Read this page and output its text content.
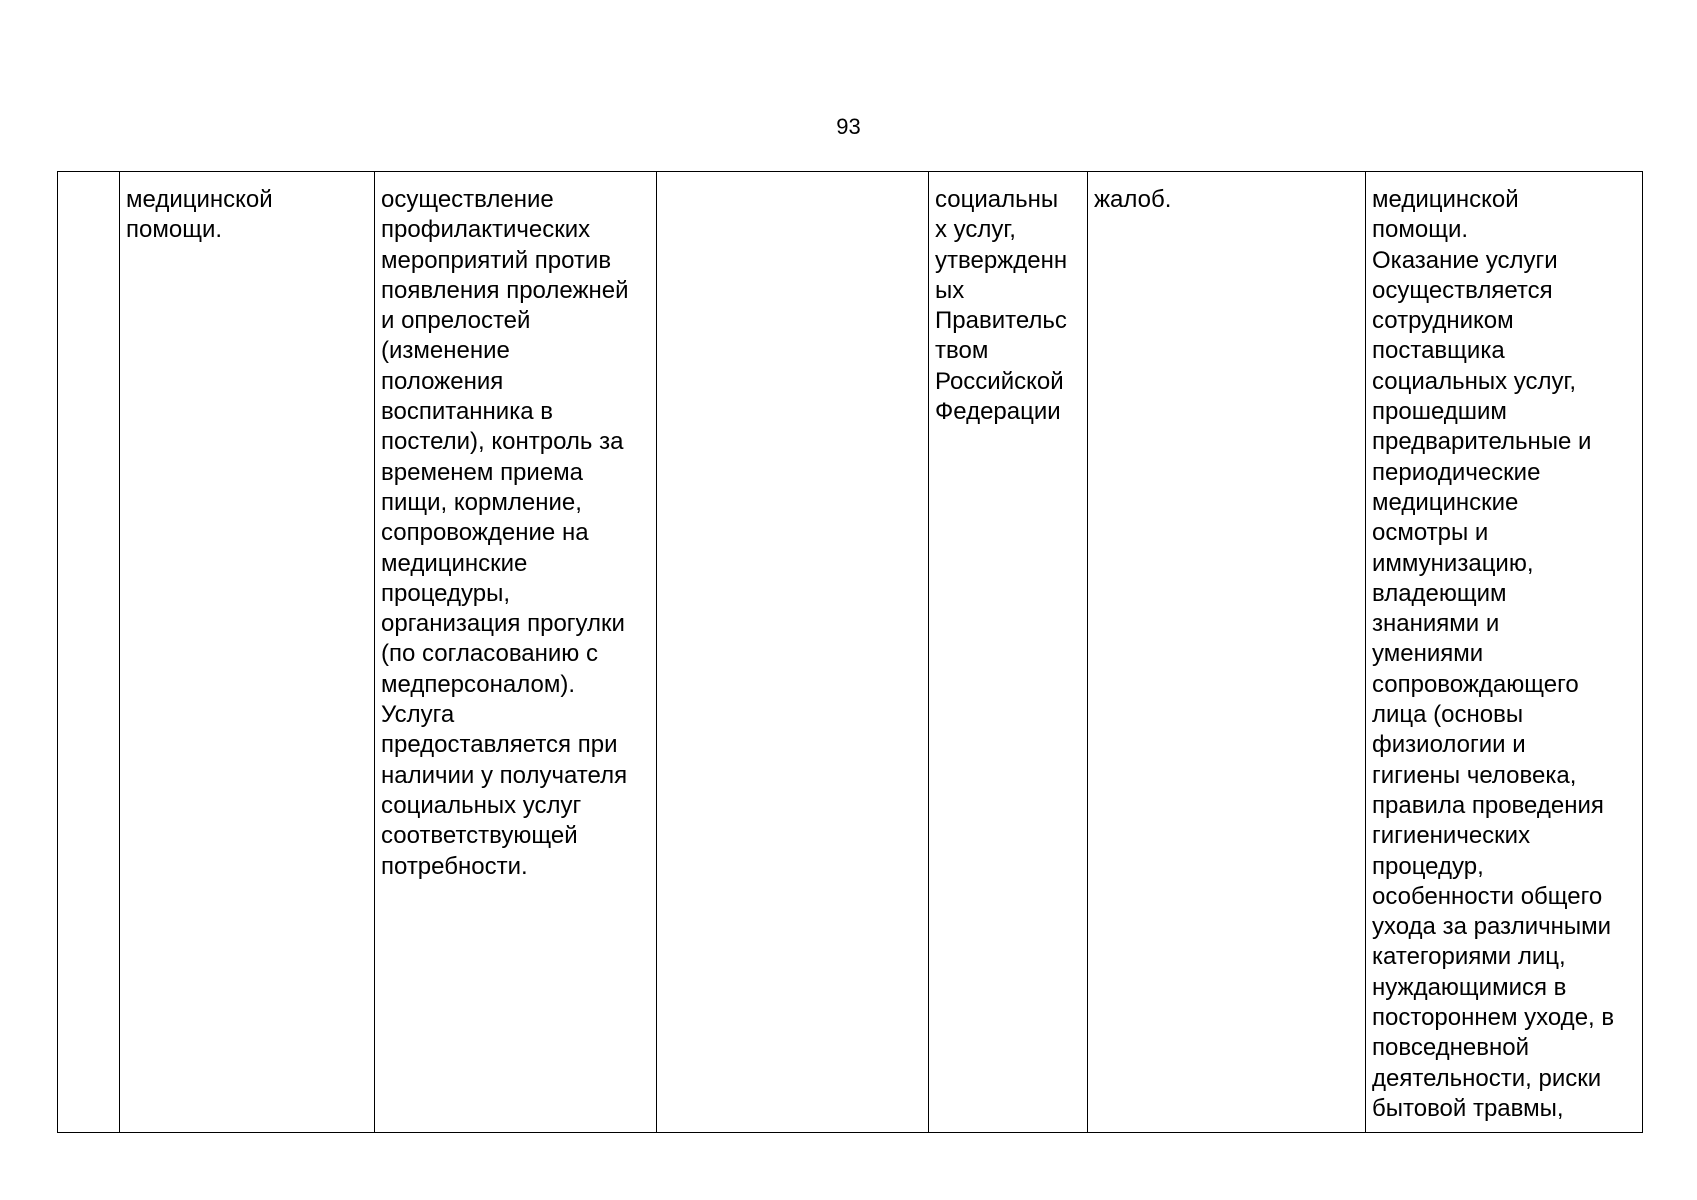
93
	медицинской
помощи.	осуществление
профилактических
мероприятий против
появления пролежней
и опрелостей
(изменение
положения
воспитанника в
постели), контроль за
временем приема
пищи, кормление,
сопровождение на
медицинские
процедуры,
организация прогулки
(по согласованию с
медперсоналом).
Услуга
предоставляется при
наличии у получателя
социальных услуг
соответствующей
потребности.		социальны
х услуг,
утвержденн
ых
Правительс
твом
Российской
Федерации	жалоб.	медицинской
помощи.
Оказание услуги
осуществляется
сотрудником
поставщика
социальных услуг,
прошедшим
предварительные и
периодические
медицинские
осмотры и
иммунизацию,
владеющим
знаниями и
умениями
сопровождающего
лица (основы
физиологии и
гигиены человека,
правила проведения
гигиенических
процедур,
особенности общего
ухода за различными
категориями лиц,
нуждающимися в
постороннем уходе, в
повседневной
деятельности, риски
бытовой травмы,
